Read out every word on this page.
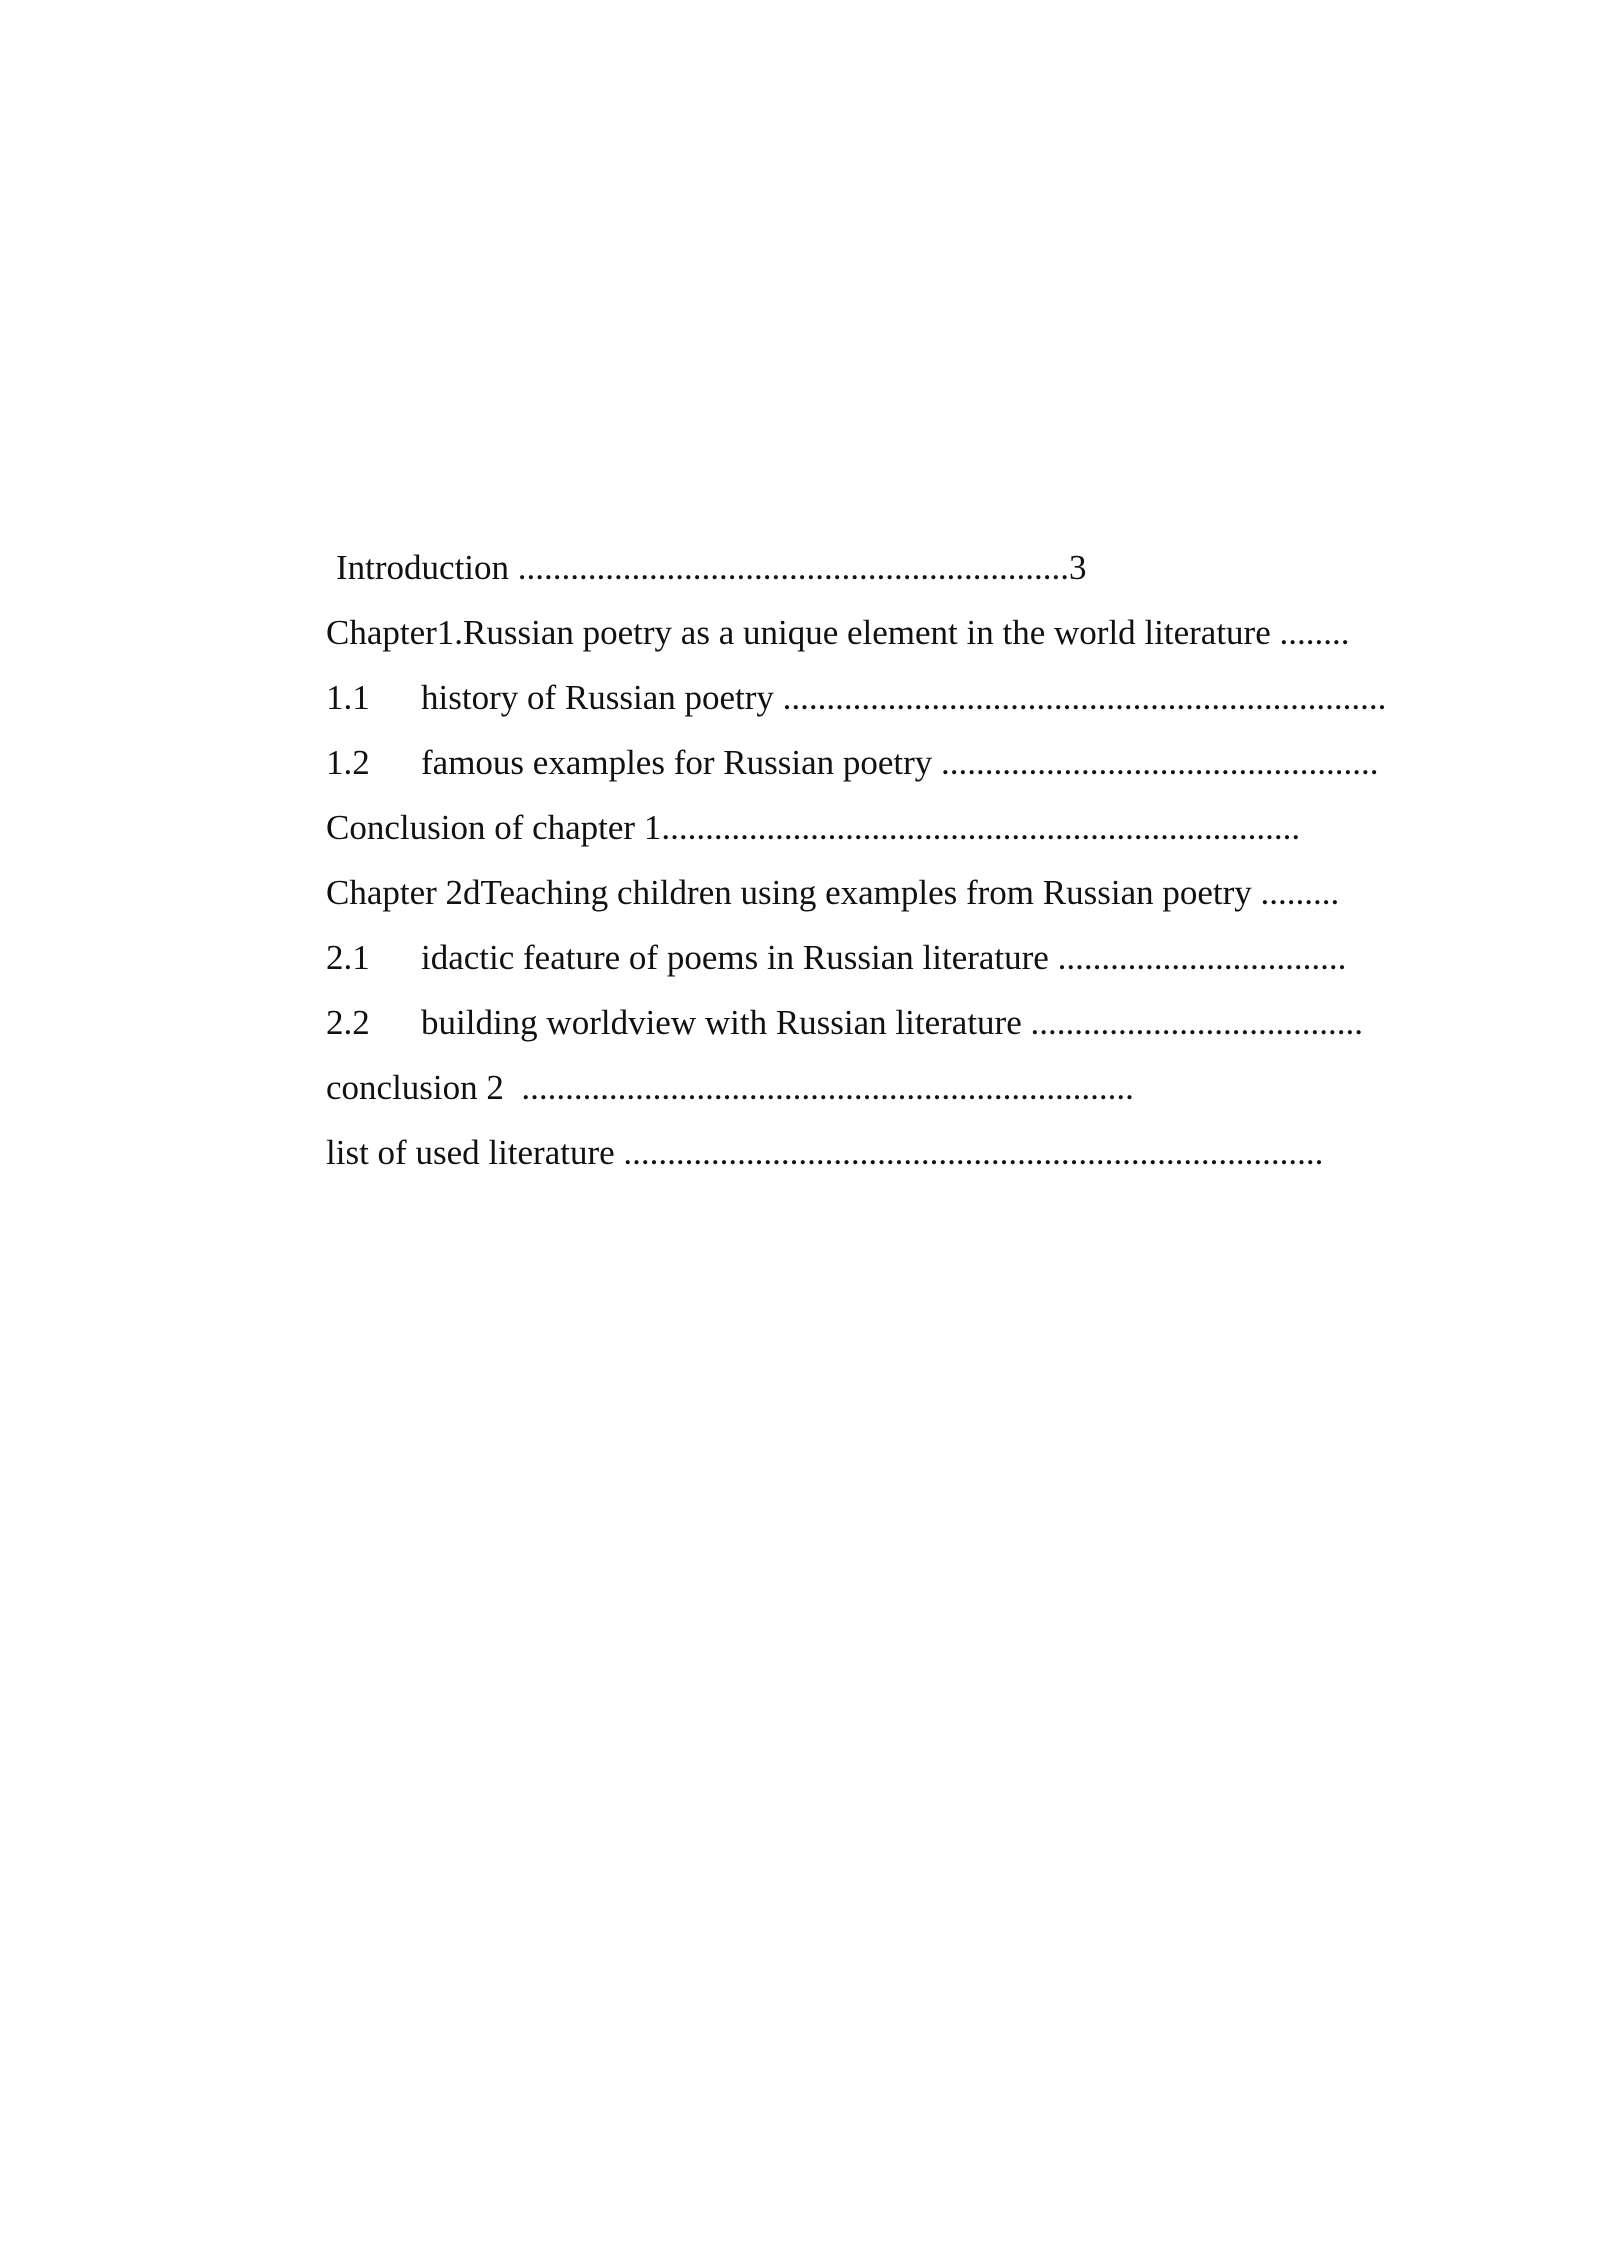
Introduction ...............................................................3
Chapter1.Russian poetry as a unique element in the world literature ........
1.1 history of Russian poetry .....................................................................
1.2 famous examples for Russian poetry ..................................................
Conclusion of chapter 1.........................................................................
Chapter 2dTeaching children using examples from Russian poetry .........
2.1 idactic feature of poems in Russian literature .................................
2.2 building worldview with Russian literature ......................................
conclusion 2  ......................................................................
list of used literature ................................................................................
